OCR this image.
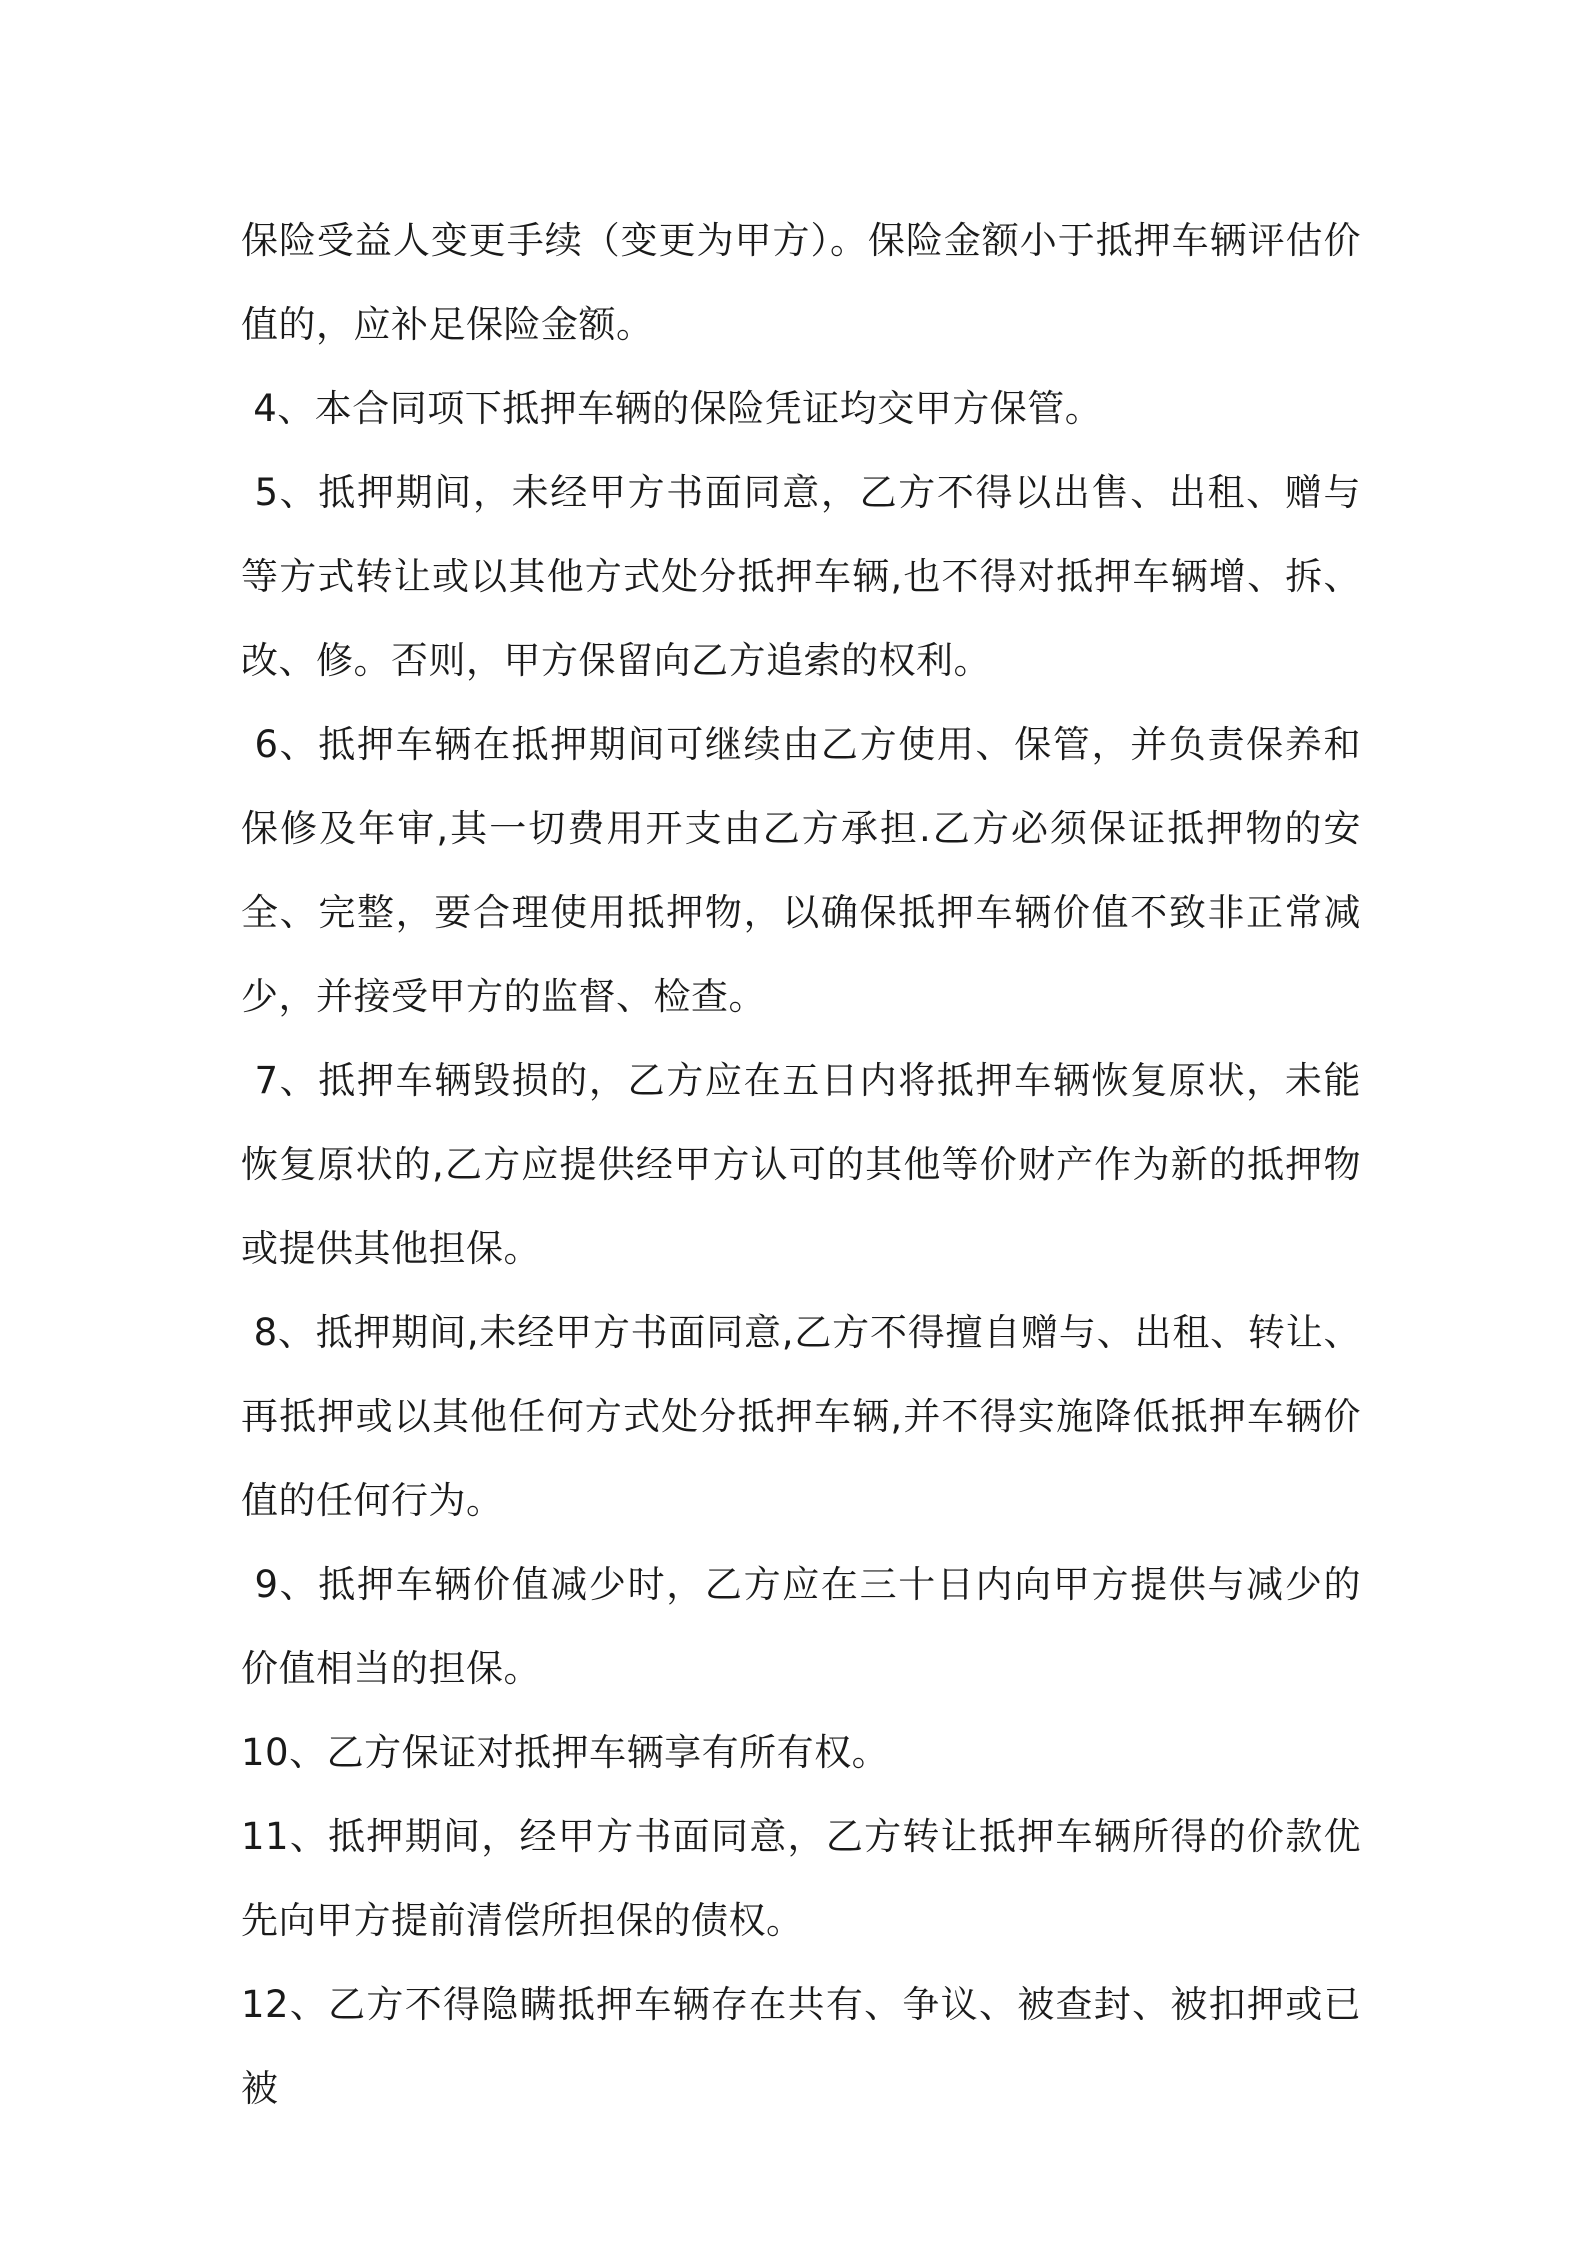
保险受益人变更手续（变更为甲方）。保险金额小于抵押车辆评估价值的，应补足保险金额。

4、本合同项下抵押车辆的保险凭证均交甲方保管。

5、抵押期间，未经甲方书面同意，乙方不得以出售、出租、赠与等方式转让或以其他方式处分抵押车辆,也不得对抵押车辆增、拆、改、修。否则，甲方保留向乙方追索的权利。

6、抵押车辆在抵押期间可继续由乙方使用、保管，并负责保养和保修及年审,其一切费用开支由乙方承担.乙方必须保证抵押物的安全、完整，要合理使用抵押物，以确保抵押车辆价值不致非正常减少，并接受甲方的监督、检查。

7、抵押车辆毁损的，乙方应在五日内将抵押车辆恢复原状，未能恢复原状的,乙方应提供经甲方认可的其他等价财产作为新的抵押物或提供其他担保。

8、抵押期间,未经甲方书面同意,乙方不得擅自赠与、出租、转让、再抵押或以其他任何方式处分抵押车辆,并不得实施降低抵押车辆价值的任何行为。

9、抵押车辆价值减少时，乙方应在三十日内向甲方提供与减少的价值相当的担保。

10、乙方保证对抵押车辆享有所有权。

11、抵押期间，经甲方书面同意，乙方转让抵押车辆所得的价款优先向甲方提前清偿所担保的债权。

12、乙方不得隐瞒抵押车辆存在共有、争议、被查封、被扣押或已被
